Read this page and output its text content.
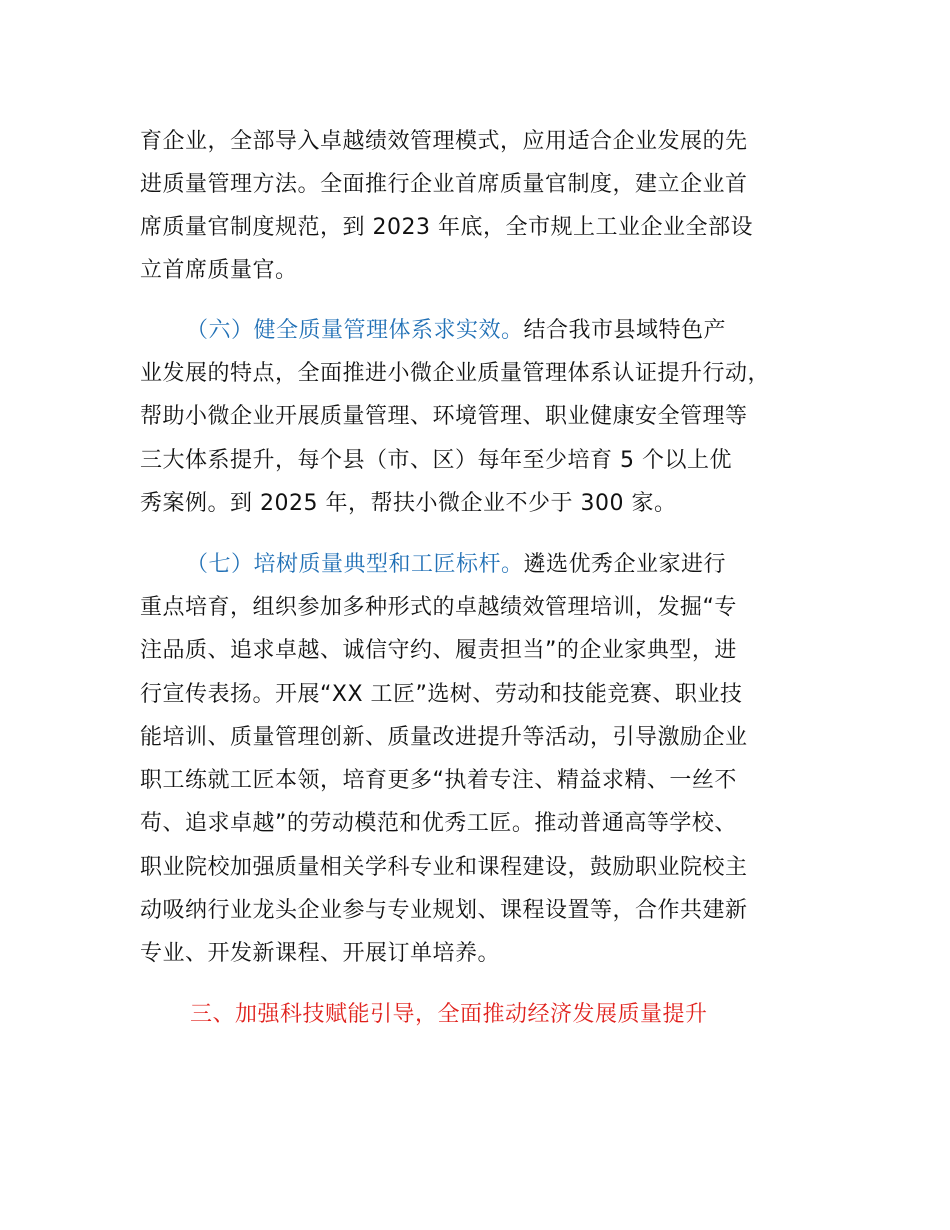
育企业，全部导入卓越绩效管理模式，应用适合企业发展的先
进质量管理方法。全面推行企业首席质量官制度，建立企业首
席质量官制度规范，到 2023 年底，全市规上工业企业全部设
立首席质量官。
（六）健全质量管理体系求实效。结合我市县域特色产
业发展的特点，全面推进小微企业质量管理体系认证提升行动，
帮助小微企业开展质量管理、环境管理、职业健康安全管理等
三大体系提升，每个县（市、区）每年至少培育 5 个以上优
秀案例。到 2025 年，帮扶小微企业不少于 300 家。
（七）培树质量典型和工匠标杆。遴选优秀企业家进行
重点培育，组织参加多种形式的卓越绩效管理培训，发掘“专
注品质、追求卓越、诚信守约、履责担当”的企业家典型，进
行宣传表扬。开展“XX 工匠”选树、劳动和技能竞赛、职业技
能培训、质量管理创新、质量改进提升等活动，引导激励企业
职工练就工匠本领，培育更多“执着专注、精益求精、一丝不
苟、追求卓越”的劳动模范和优秀工匠。推动普通高等学校、
职业院校加强质量相关学科专业和课程建设，鼓励职业院校主
动吸纳行业龙头企业参与专业规划、课程设置等，合作共建新
专业、开发新课程、开展订单培养。
三、加强科技赋能引导，全面推动经济发展质量提升
